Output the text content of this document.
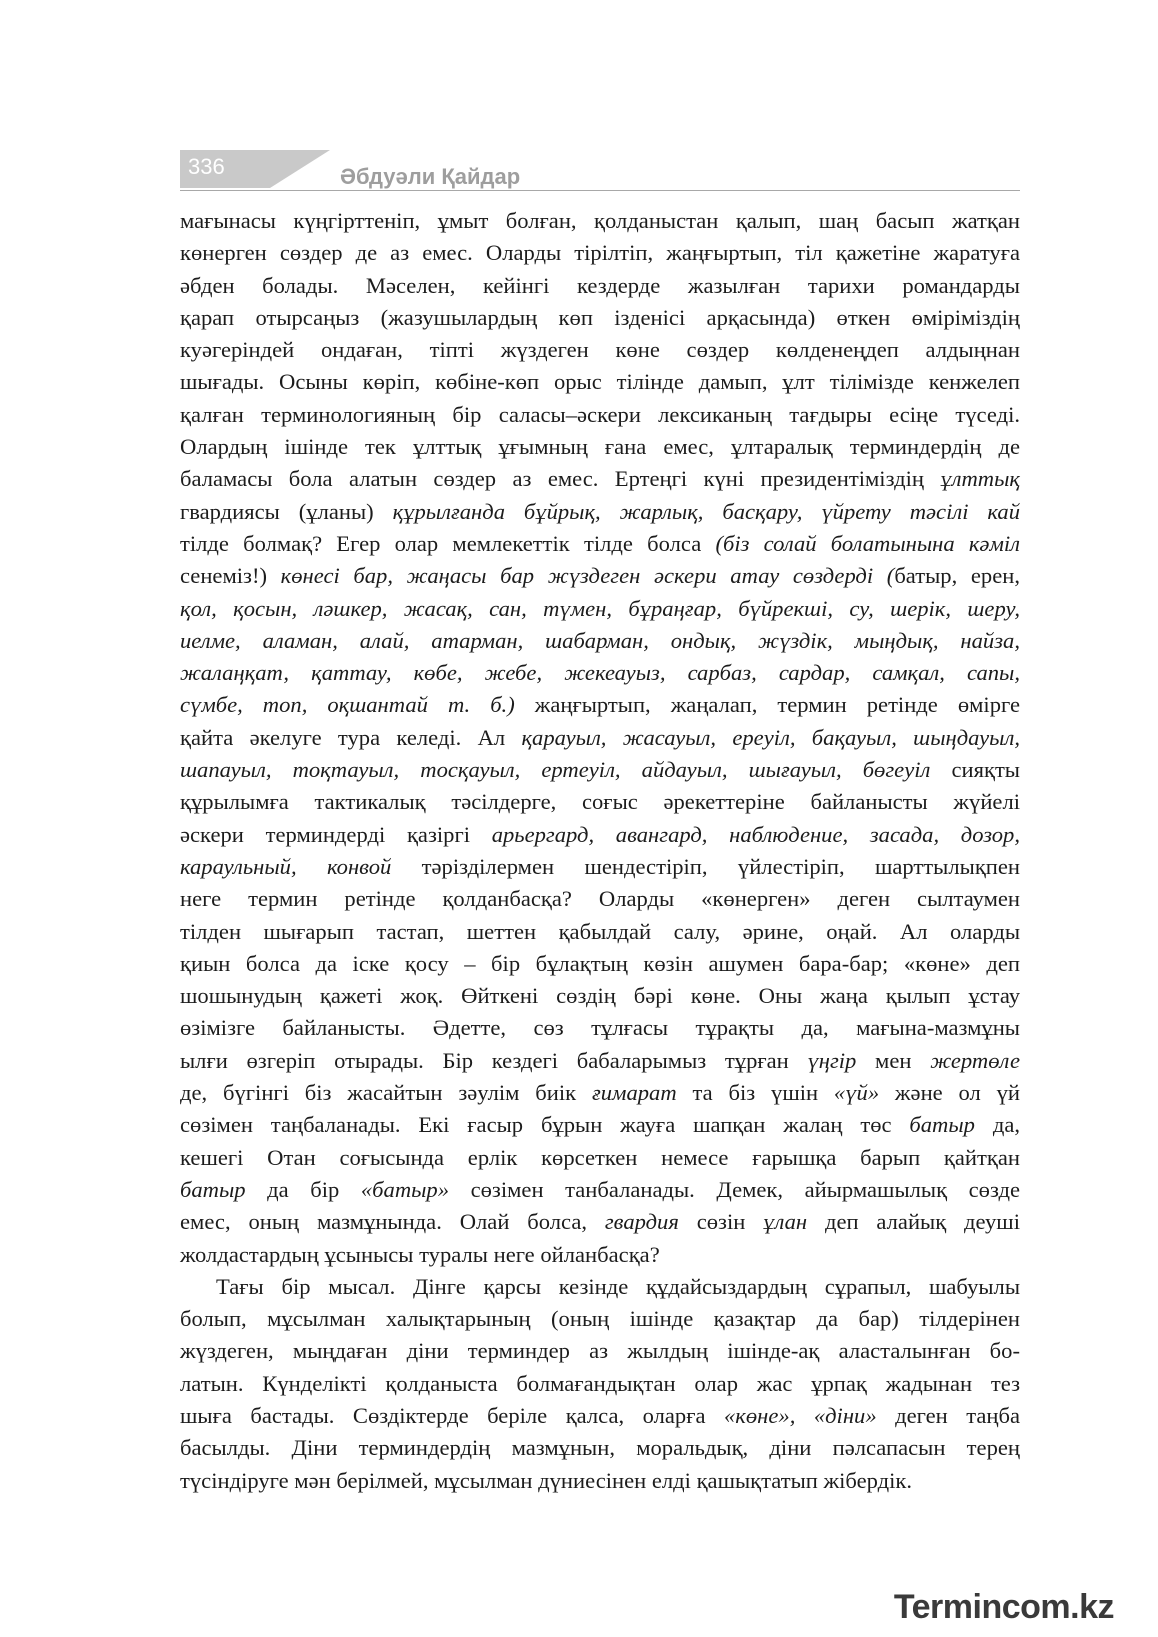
336	Әбдуәли Қайдар
мағынасы күңгірттеніп, ұмыт болған, қолданыстан қалып, шаң басып жатқан
көнерген сөздер де аз емес. Оларды тірілтіп, жаңғыртып, тіл қажетіне жаратуға
әбден болады. Мәселен, кейінгі кездерде жазылған тарихи романдарды
қарап отырсаңыз (жазушылардың көп ізденісі арқасында) өткен өміріміздің
куәгеріндей ондаған, тіпті жүздеген көне сөздер көлденеңдеп алдыңнан
шығады. Осыны көріп, көбіне-көп орыс тілінде дамып, ұлт тілімізде кенжелеп
қалған терминологияның бір саласы–әскери лексиканың тағдыры есіңе түседі.
Олардың ішінде тек ұлттық ұғымның ғана емес, ұлтаралық терминдердің де
баламасы бола алатын сөздер аз емес. Ертеңгі күні президентіміздің ұлттық
гвардиясы (ұланы) құрылғанда бұйрық, жарлық, басқару, үйрету тәсілі кай
тілде болмақ? Егер олар мемлекеттік тілде болса (біз солай болатынына кәміл
сенеміз!) көнесі бар, жаңасы бар жүздеген әскери атау сөздерді (батыр, ерен,
қол, қосын, ләшкер, жасақ, сан, түмен, бұраңғар, бүйрекші, су, шерік, шеру,
иелме, аламан, алай, атарман, шабарман, ондық, жүздік, мыңдық, найза,
жалаңқат, қаттау, көбе, жебе, жекеауыз, сарбаз, сардар, самқал, сапы,
сүмбе, топ, оқшантай т. б.) жаңғыртып, жаңалап, термин ретінде өмірге
қайта әкелуге тура келеді. Ал қарауыл, жасауыл, ереуіл, бақауыл, шыңдауыл,
шапауыл, тоқтауыл, тосқауыл, ертеуіл, айдауыл, шығауыл, бөгеуіл сияқты
құрылымға тактикалық тәсілдерге, соғыс әрекеттеріне байланысты жүйелі
әскери терминдерді қазіргі арьергард, авангард, наблюдение, засада, дозор,
караульный, конвой тәрізділермен шендестіріп, үйлестіріп, шарттылықпен
неге термин ретінде қолданбасқа? Оларды «көнерген» деген сылтаумен
тілден шығарып тастап, шеттен қабылдай салу, әрине, оңай. Ал оларды
қиын болса да іске қосу – бір бұлақтың көзін ашумен бара-бар; «көне» деп
шошынудың қажеті жоқ. Өйткені сөздің бәрі көне. Оны жаңа қылып ұстау
өзімізге байланысты. Әдетте, сөз тұлғасы тұрақты да, мағына-мазмұны
ылғи өзгеріп отырады. Бір кездегі бабаларымыз тұрған үңгір мен жертөле
де, бүгінгі біз жасайтын зәулім биік ғимарат та біз үшін «үй» және ол үй
сөзімен таңбаланады. Екі ғасыр бұрын жауға шапқан жалаң төс батыр да,
кешегі Отан соғысында ерлік көрсеткен немесе ғарышқа барып қайтқан
батыр да бір «батыр» сөзімен танбаланады. Демек, айырмашылық сөзде
емес, оның мазмұнында. Олай болса, гвардия сөзін ұлан деп алайық деуші
жолдастардың ұсынысы туралы неге ойланбасқа?
Тағы бір мысал. Дінге қарсы кезінде құдайсыздардың сұрапыл, шабуылы
болып, мұсылман халықтарының (оның ішінде қазақтар да бар) тілдерінен
жүздеген, мыңдаған діни терминдер аз жылдың ішінде-ақ аласталынған бо-
латын. Күнделікті қолданыста болмағандықтан олар жас ұрпақ жадынан тез
шыға бастады. Сөздіктерде беріле қалса, оларға «көне», «діни» деген таңба
басылды. Діни терминдердің мазмұнын, моральдық, діни пәлсапасын терең
түсіндіруге мән берілмей, мұсылман дүниесінен елді қашықтатып жібердік.
Termincom.kz
